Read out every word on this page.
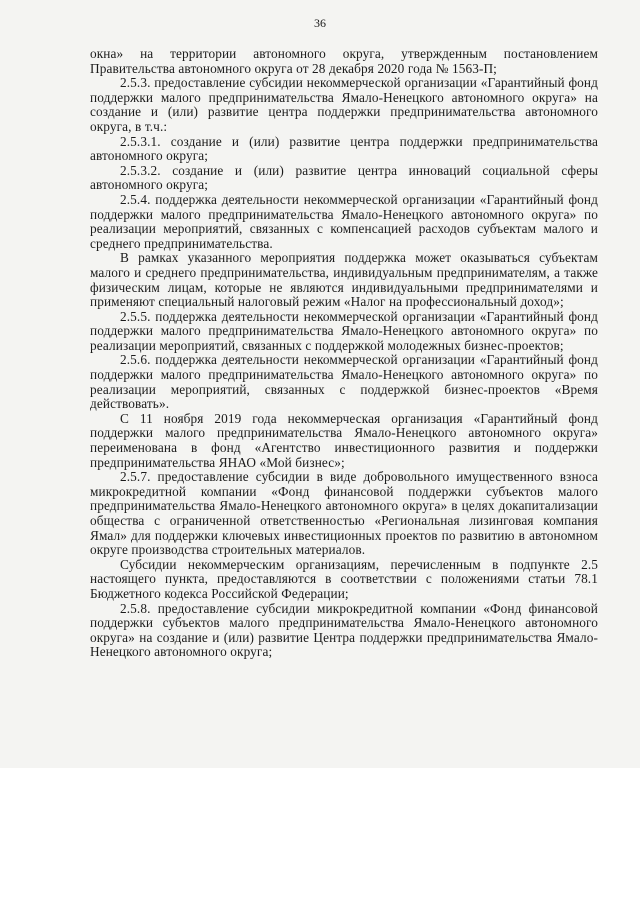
36

окна» на территории автономного округа, утвержденным постановлением Правительства автономного округа от 28 декабря 2020 года № 1563-П;

2.5.3. предоставление субсидии некоммерческой организации «Гарантийный фонд поддержки малого предпринимательства Ямало-Ненецкого автономного округа» на создание и (или) развитие центра поддержки предпринимательства автономного округа, в т.ч.:

2.5.3.1. создание и (или) развитие центра поддержки предпринимательства автономного округа;

2.5.3.2. создание и (или) развитие центра инноваций социальной сферы автономного округа;

2.5.4. поддержка деятельности некоммерческой организации «Гарантийный фонд поддержки малого предпринимательства Ямало-Ненецкого автономного округа» по реализации мероприятий, связанных с компенсацией расходов субъектам малого и среднего предпринимательства.

В рамках указанного мероприятия поддержка может оказываться субъектам малого и среднего предпринимательства, индивидуальным предпринимателям, а также физическим лицам, которые не являются индивидуальными предпринимателями и применяют специальный налоговый режим «Налог на профессиональный доход»;

2.5.5. поддержка деятельности некоммерческой организации «Гарантийный фонд поддержки малого предпринимательства Ямало-Ненецкого автономного округа» по реализации мероприятий, связанных с поддержкой молодежных бизнес-проектов;

2.5.6. поддержка деятельности некоммерческой организации «Гарантийный фонд поддержки малого предпринимательства Ямало-Ненецкого автономного округа» по реализации мероприятий, связанных с поддержкой бизнес-проектов «Время действовать».

С 11 ноября 2019 года некоммерческая организация «Гарантийный фонд поддержки малого предпринимательства Ямало-Ненецкого автономного округа» переименована в фонд «Агентство инвестиционного развития и поддержки предпринимательства ЯНАО «Мой бизнес»;

2.5.7. предоставление субсидии в виде добровольного имущественного взноса микрокредитной компании «Фонд финансовой поддержки субъектов малого предпринимательства Ямало-Ненецкого автономного округа» в целях докапитализации общества с ограниченной ответственностью «Региональная лизинговая компания Ямал» для поддержки ключевых инвестиционных проектов по развитию в автономном округе производства строительных материалов.

Субсидии некоммерческим организациям, перечисленным в подпункте 2.5 настоящего пункта, предоставляются в соответствии с положениями статьи 78.1 Бюджетного кодекса Российской Федерации;

2.5.8. предоставление субсидии микрокредитной компании «Фонд финансовой поддержки субъектов малого предпринимательства Ямало-Ненецкого автономного округа» на создание и (или) развитие Центра поддержки предпринимательства Ямало-Ненецкого автономного округа;
